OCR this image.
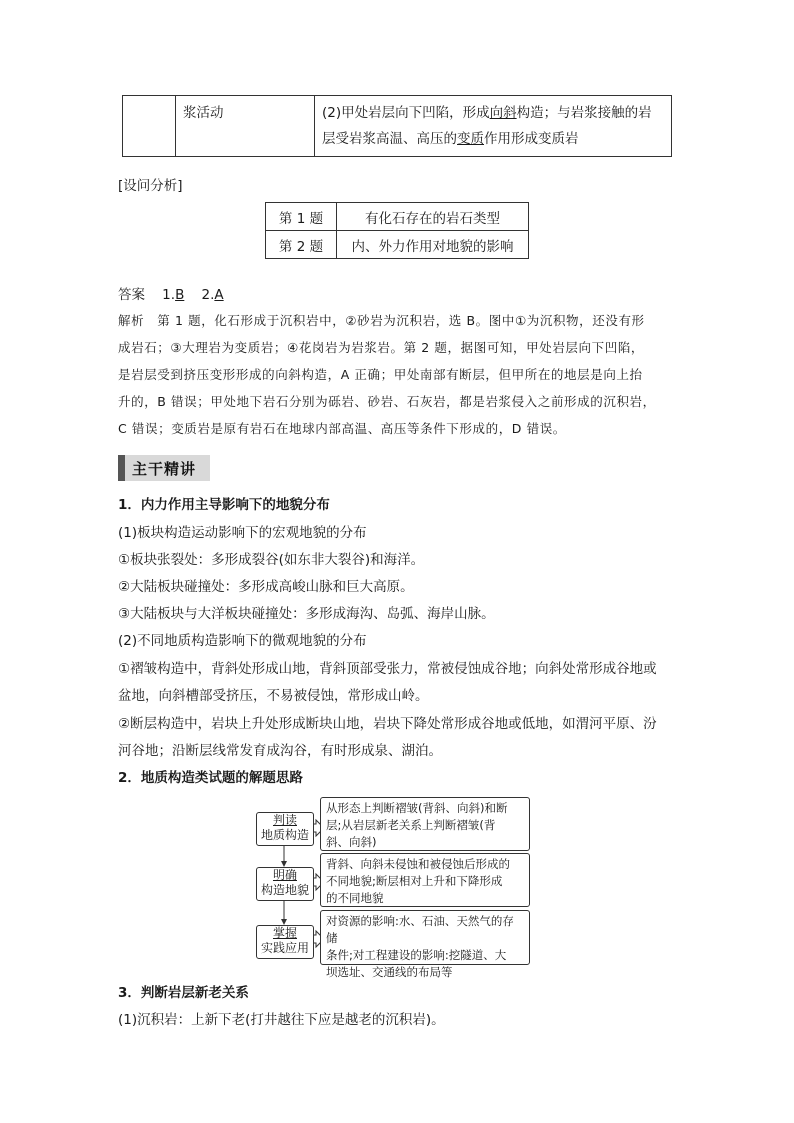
	浆活动	(2)甲处岩层向下凹陷，形成向斜构造；与岩浆接触的岩
层受岩浆高温、高压的变质作用形成变质岩
[设问分析]
第 1 题	有化石存在的岩石类型
第 2 题	内、外力作用对地貌的影响
答案 1.B 2.A
解析　第 1 题，化石形成于沉积岩中，②砂岩为沉积岩，选 B。图中①为沉积物，还没有形
成岩石；③大理岩为变质岩；④花岗岩为岩浆岩。第 2 题，据图可知，甲处岩层向下凹陷，
是岩层受到挤压变形形成的向斜构造，A 正确；甲处南部有断层，但甲所在的地层是向上抬
升的，B 错误；甲处地下岩石分别为砾岩、砂岩、石灰岩，都是岩浆侵入之前形成的沉积岩，
C 错误；变质岩是原有岩石在地球内部高温、高压等条件下形成的，D 错误。
主干精讲
1．内力作用主导影响下的地貌分布
(1)板块构造运动影响下的宏观地貌的分布
①板块张裂处：多形成裂谷(如东非大裂谷)和海洋。
②大陆板块碰撞处：多形成高峻山脉和巨大高原。
③大陆板块与大洋板块碰撞处：多形成海沟、岛弧、海岸山脉。
(2)不同地质构造影响下的微观地貌的分布
①褶皱构造中，背斜处形成山地，背斜顶部受张力，常被侵蚀成谷地；向斜处常形成谷地或
盆地，向斜槽部受挤压，不易被侵蚀，常形成山岭。
②断层构造中，岩块上升处形成断块山地，岩块下降处常形成谷地或低地，如渭河平原、汾
河谷地；沿断层线常发育成沟谷，有时形成泉、湖泊。
2．地质构造类试题的解题思路
判读
地质构造
从形态上判断褶皱(背斜、向斜)和断
层;从岩层新老关系上判断褶皱(背
斜、向斜)
明确
构造地貌
背斜、向斜未侵蚀和被侵蚀后形成的
不同地貌;断层相对上升和下降形成
的不同地貌
掌握
实践应用
对资源的影响:水、石油、天然气的存储
条件;对工程建设的影响:挖隧道、大
坝选址、交通线的布局等
3．判断岩层新老关系
(1)沉积岩：上新下老(打井越往下应是越老的沉积岩)。
